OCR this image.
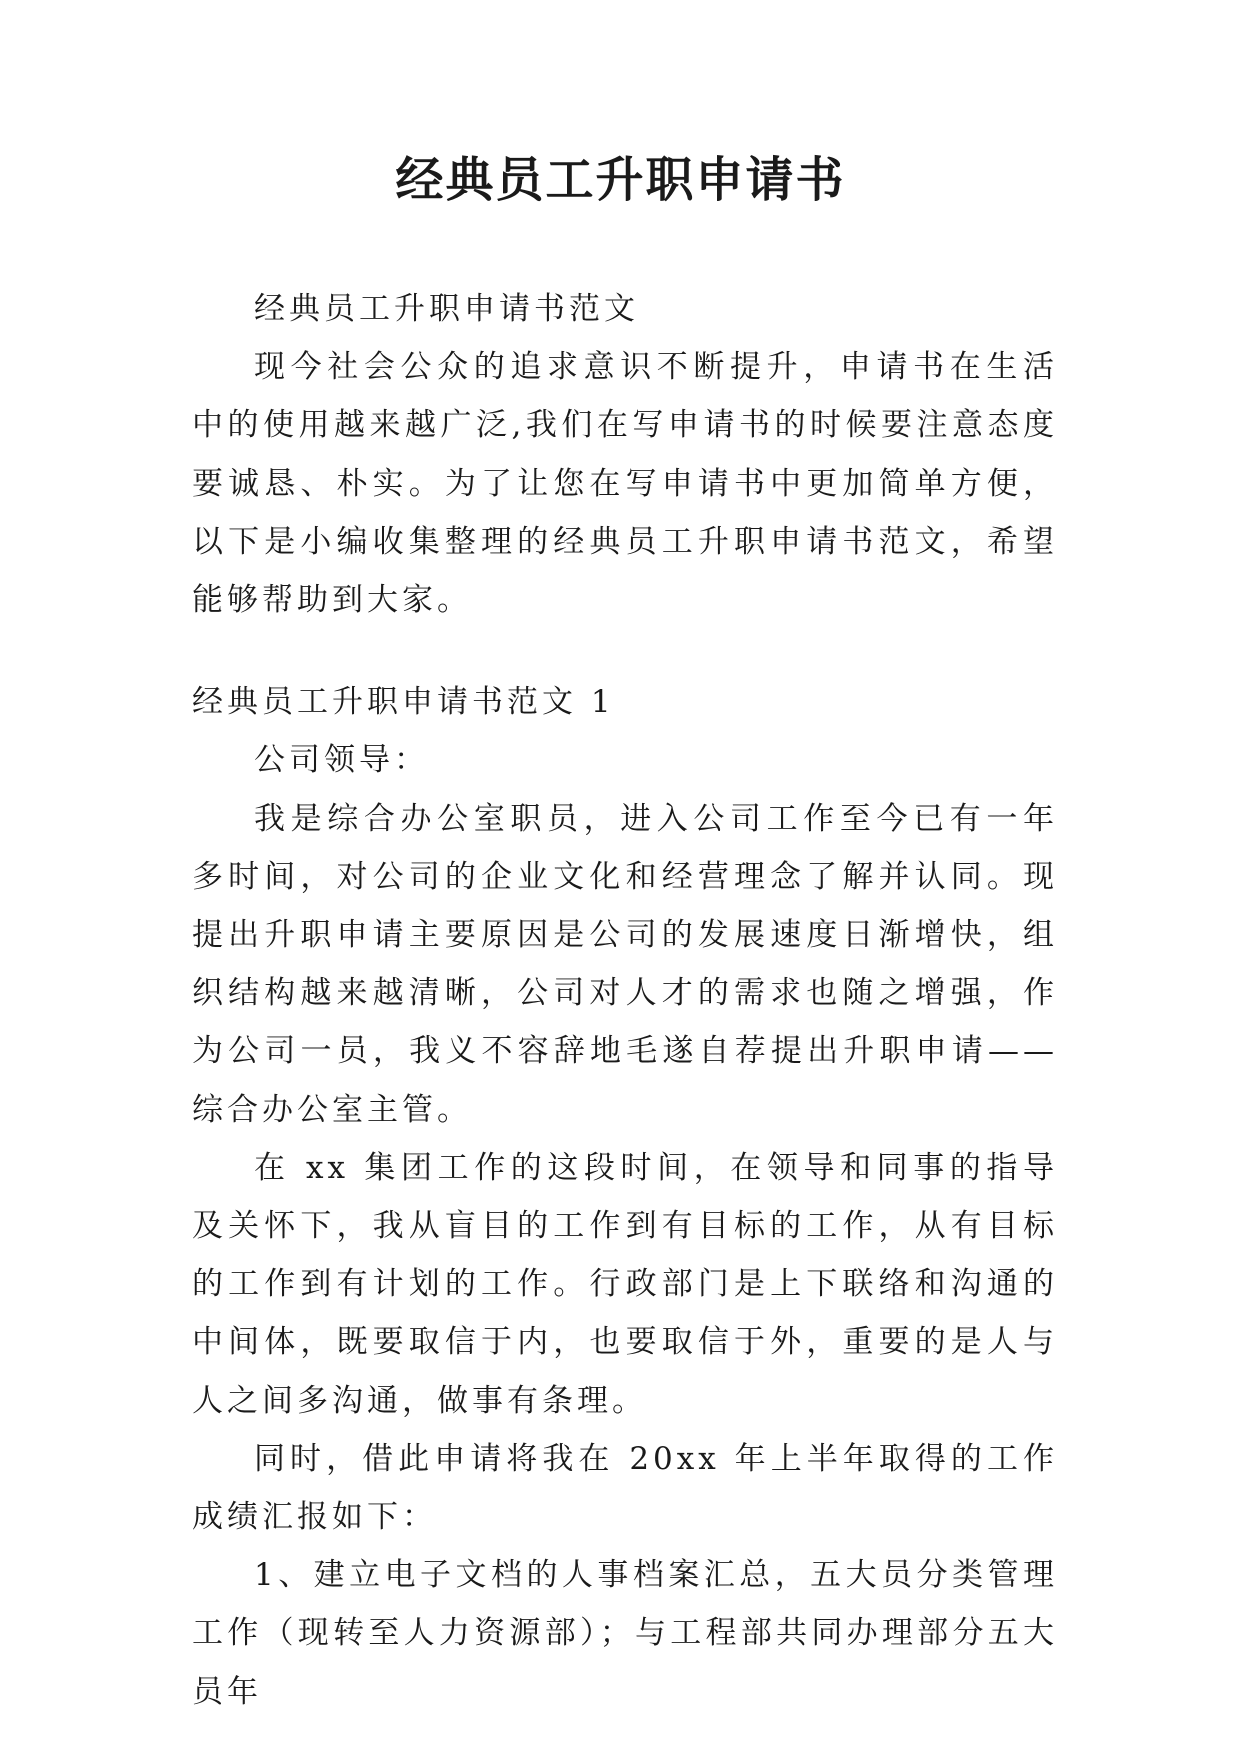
经典员工升职申请书

经典员工升职申请书范文

现今社会公众的追求意识不断提升，申请书在生活中的使用越来越广泛,我们在写申请书的时候要注意态度要诚恳、朴实。为了让您在写申请书中更加简单方便，以下是小编收集整理的经典员工升职申请书范文，希望能够帮助到大家。

经典员工升职申请书范文 1

公司领导：

我是综合办公室职员，进入公司工作至今已有一年多时间，对公司的企业文化和经营理念了解并认同。现提出升职申请主要原因是公司的发展速度日渐增快，组织结构越来越清晰，公司对人才的需求也随之增强，作为公司一员，我义不容辞地毛遂自荐提出升职申请——综合办公室主管。

在 xx 集团工作的这段时间，在领导和同事的指导及关怀下，我从盲目的工作到有目标的工作，从有目标的工作到有计划的工作。行政部门是上下联络和沟通的中间体，既要取信于内，也要取信于外，重要的是人与人之间多沟通，做事有条理。

同时，借此申请将我在 20xx 年上半年取得的工作成绩汇报如下：

1、建立电子文档的人事档案汇总，五大员分类管理工作（现转至人力资源部）；与工程部共同办理部分五大员年
